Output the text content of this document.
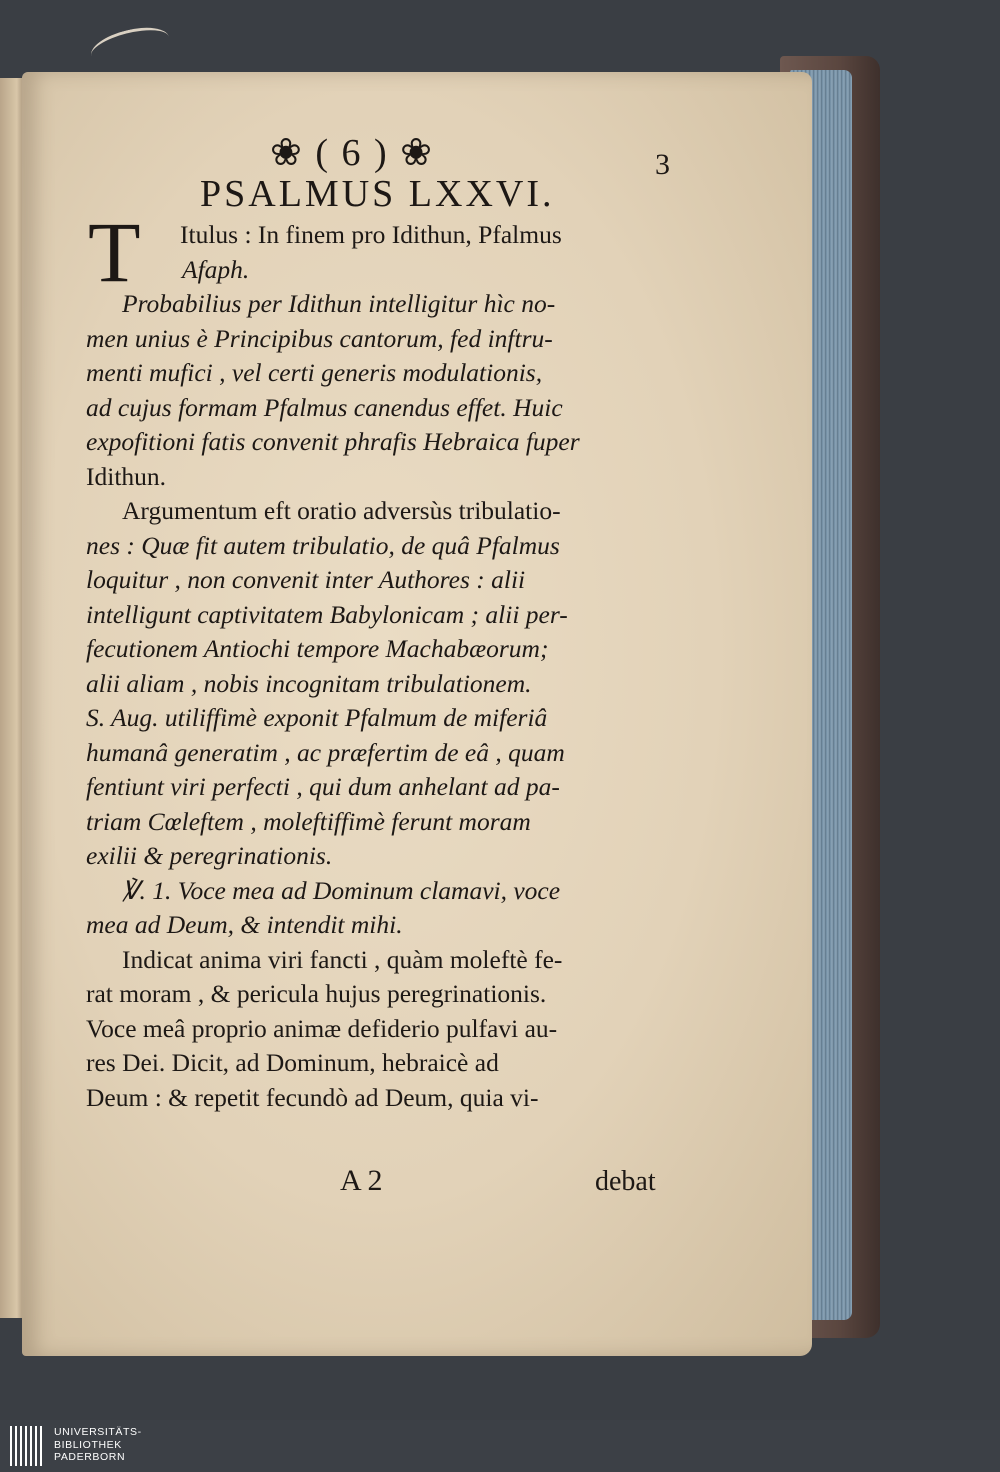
❀ ( 6 ) ❀	3
PSALMUS LXXVI.
T	Itulus : In finem pro Idithun, Pfalmus
Afaph.
Probabilius per Idithun intelligitur hìc no-
men unius è Principibus cantorum, fed inftru-
menti mufici , vel certi generis modulationis,
ad cujus formam Pfalmus canendus effet. Huic
expofitioni fatis convenit phrafis Hebraica fuper
Idithun.
Argumentum eft oratio adversùs tribulatio-
nes : Quæ fit autem tribulatio, de quâ Pfalmus
loquitur , non convenit inter Authores : alii
intelligunt captivitatem Babylonicam ; alii per-
fecutionem Antiochi tempore Machabæorum;
alii aliam , nobis incognitam tribulationem.
S. Aug. utiliffimè exponit Pfalmum de miferiâ
humanâ generatim , ac præfertim de eâ , quam
fentiunt viri perfecti , qui dum anhelant ad pa-
triam Cœleftem , moleftiffimè ferunt moram
exilii & peregrinationis.
℣. 1. Voce mea ad Dominum clamavi, voce
mea ad Deum, & intendit mihi.
Indicat anima viri fancti , quàm moleftè fe-
rat moram , & pericula hujus peregrinationis.
Voce meâ proprio animæ defiderio pulfavi au-
res Dei. Dicit, ad Dominum, hebraicè ad
Deum : & repetit fecundò ad Deum, quia vi-
A 2	debat
UNIVERSITÄTS-
BIBLIOTHEK
PADERBORN
